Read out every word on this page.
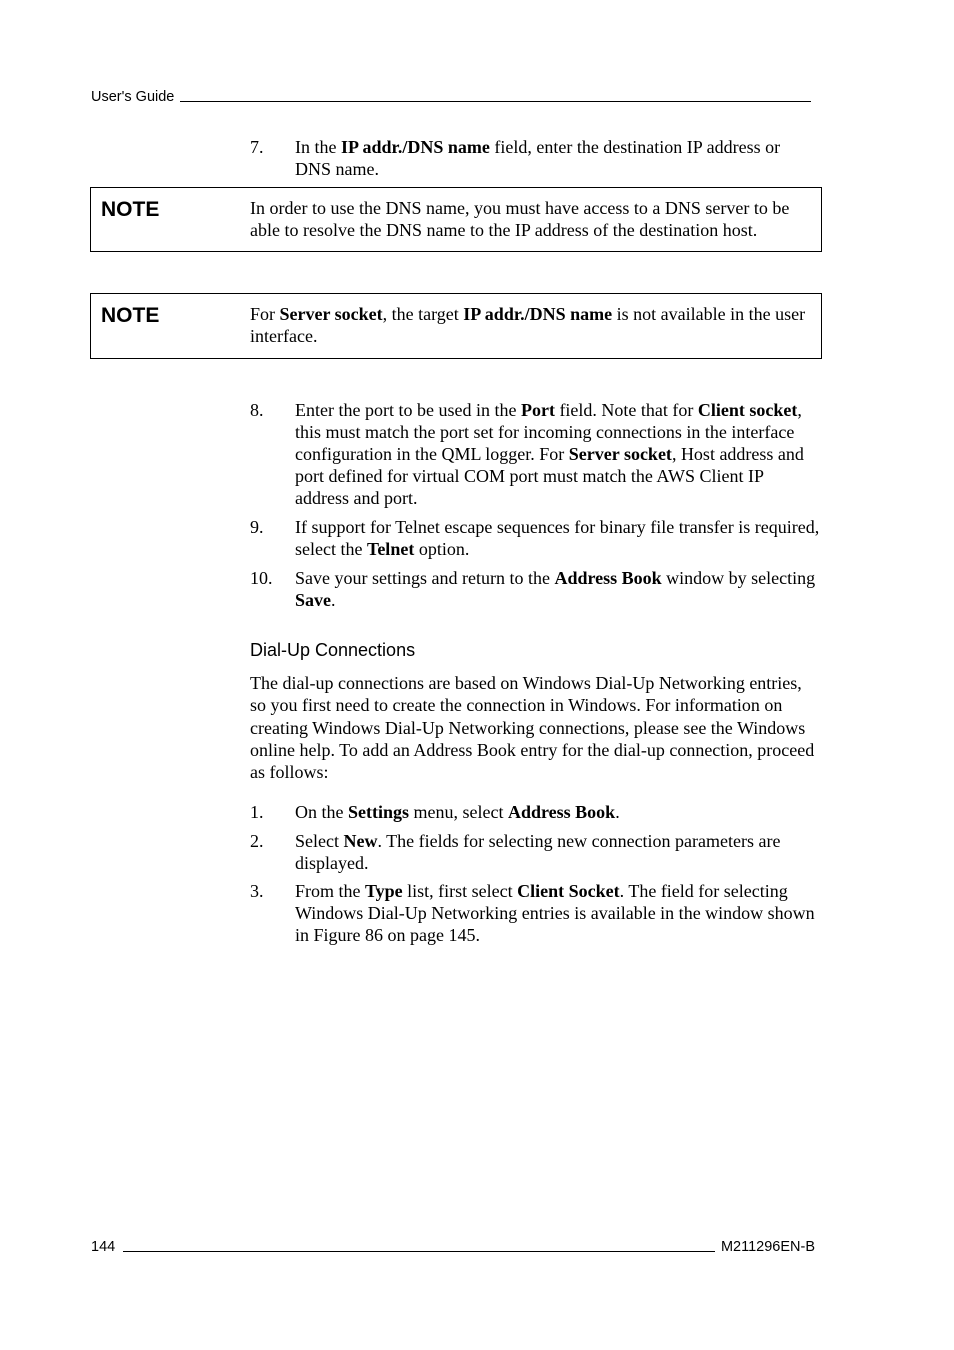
User's Guide
7. In the IP addr./DNS name field, enter the destination IP address or DNS name.
NOTE	In order to use the DNS name, you must have access to a DNS server to be able to resolve the DNS name to the IP address of the destination host.
NOTE	For Server socket, the target IP addr./DNS name is not available in the user interface.
8. Enter the port to be used in the Port field. Note that for Client socket, this must match the port set for incoming connections in the interface configuration in the QML logger. For Server socket, Host address and port defined for virtual COM port must match the AWS Client IP address and port.
9. If support for Telnet escape sequences for binary file transfer is required, select the Telnet option.
10. Save your settings and return to the Address Book window by selecting Save.
Dial-Up Connections
The dial-up connections are based on Windows Dial-Up Networking entries, so you first need to create the connection in Windows. For information on creating Windows Dial-Up Networking connections, please see the Windows online help. To add an Address Book entry for the dial-up connection, proceed as follows:
1. On the Settings menu, select Address Book.
2. Select New. The fields for selecting new connection parameters are displayed.
3. From the Type list, first select Client Socket. The field for selecting Windows Dial-Up Networking entries is available in the window shown in Figure 86 on page 145.
144	M211296EN-B
